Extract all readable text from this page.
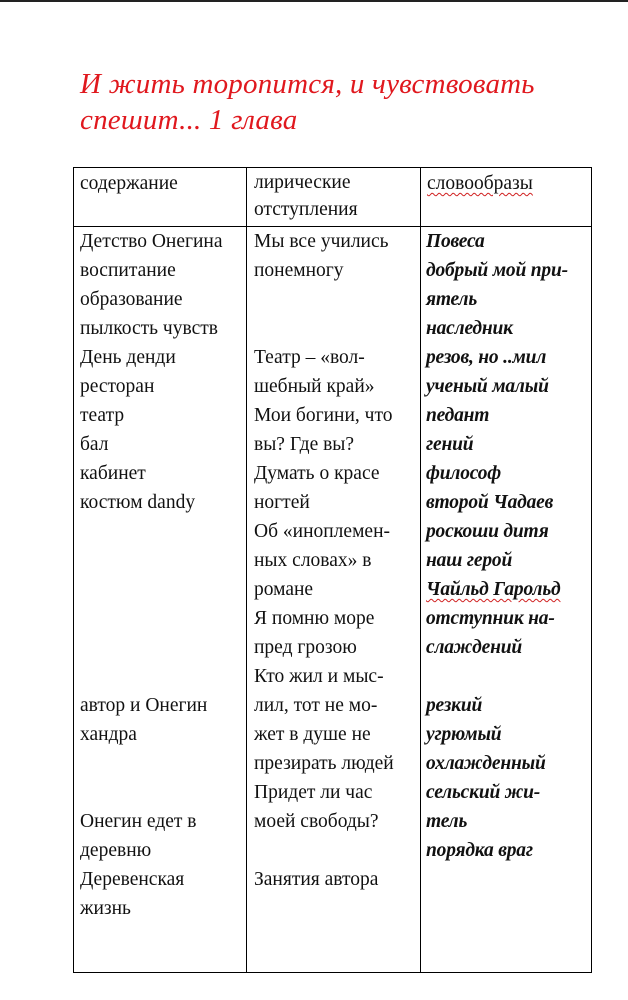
И жить торопится, и чувствовать
спешит... 1 глава
содержание	лирические
отступления
словообразы
Детство Онегина
воспитание
образование
пылкость чувств
День денди
ресторан
театр
бал
кабинет
костюм dandy
автор и Онегин
хандра
Онегин едет в
деревню
Деревенская
жизнь
Мы все учились
понемногу
Театр – «вол-
шебный край»
Мои богини, что
вы? Где вы?
Думать о красе
ногтей
Об «иноплемен-
ных словах» в
романе
Я помню море
пред грозою
Кто жил и мыс-
лил, тот не мо-
жет в душе не
презирать людей
Придет ли час
моей свободы?
Занятия автора
Повеса
добрый мой при-
ятель
наследник
резов, но ..мил
ученый малый
педант
гений
философ
второй Чадаев
роскоши дитя
наш герой
Чайльд Гарольд
отступник на-
слаждений
резкий
угрюмый
охлажденный
сельский жи-
тель
порядка враг
